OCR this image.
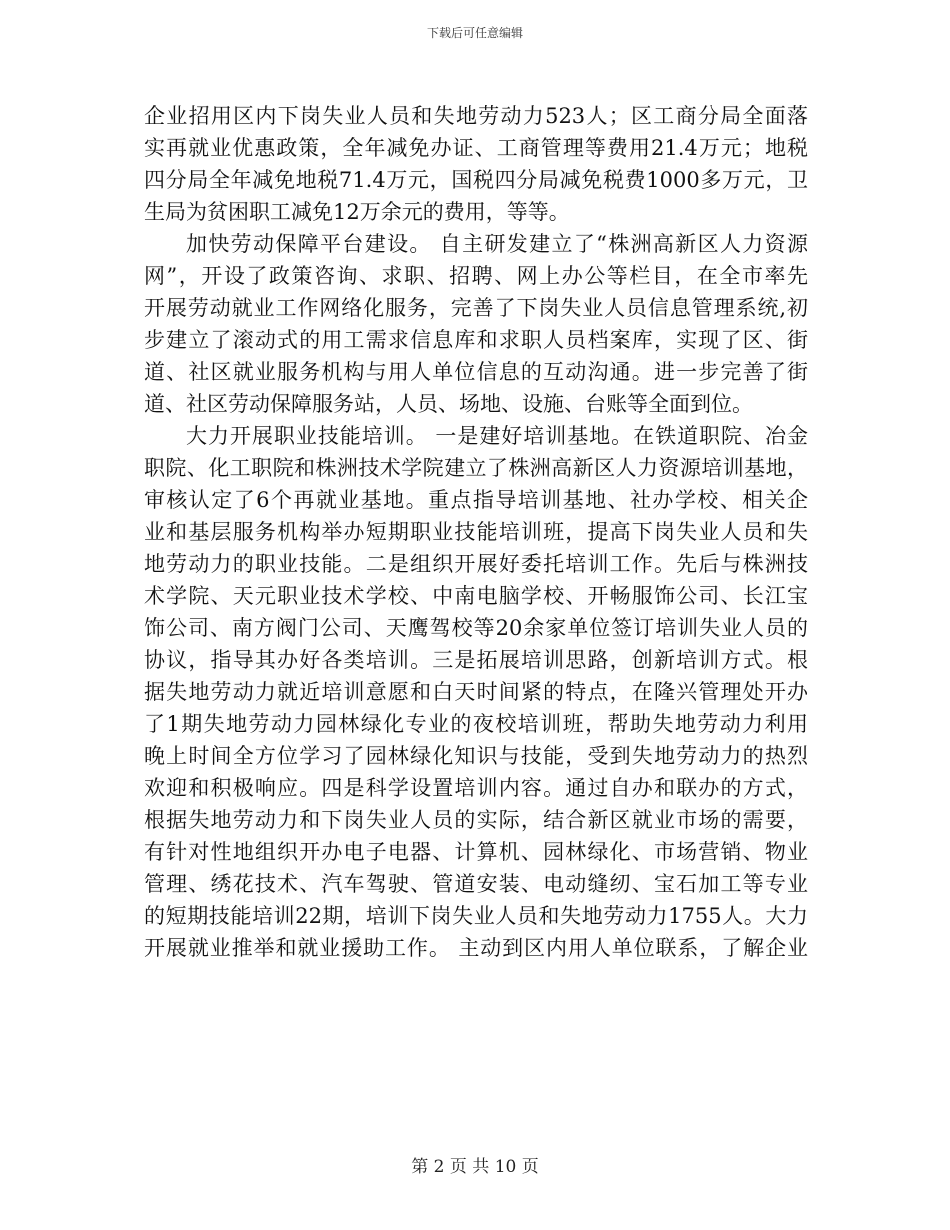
下载后可任意编辑
企业招用区内下岗失业人员和失地劳动力523人；区工商分局全面落
实再就业优惠政策，全年减免办证、工商管理等费用21.4万元；地税
四分局全年减免地税71.4万元，国税四分局减免税费1000多万元，卫
生局为贫困职工减免12万余元的费用，等等。
加快劳动保障平台建设。 自主研发建立了“株洲高新区人力资源
网”，开设了政策咨询、求职、招聘、网上办公等栏目，在全市率先
开展劳动就业工作网络化服务，完善了下岗失业人员信息管理系统,初
步建立了滚动式的用工需求信息库和求职人员档案库，实现了区、街
道、社区就业服务机构与用人单位信息的互动沟通。进一步完善了街
道、社区劳动保障服务站，人员、场地、设施、台账等全面到位。
大力开展职业技能培训。 一是建好培训基地。在铁道职院、冶金
职院、化工职院和株洲技术学院建立了株洲高新区人力资源培训基地，
审核认定了6个再就业基地。重点指导培训基地、社办学校、相关企
业和基层服务机构举办短期职业技能培训班，提高下岗失业人员和失
地劳动力的职业技能。二是组织开展好委托培训工作。先后与株洲技
术学院、天元职业技术学校、中南电脑学校、开畅服饰公司、长江宝
饰公司、南方阀门公司、天鹰驾校等20余家单位签订培训失业人员的
协议，指导其办好各类培训。三是拓展培训思路，创新培训方式。根
据失地劳动力就近培训意愿和白天时间紧的特点，在隆兴管理处开办
了1期失地劳动力园林绿化专业的夜校培训班，帮助失地劳动力利用
晚上时间全方位学习了园林绿化知识与技能，受到失地劳动力的热烈
欢迎和积极响应。四是科学设置培训内容。通过自办和联办的方式，
根据失地劳动力和下岗失业人员的实际，结合新区就业市场的需要，
有针对性地组织开办电子电器、计算机、园林绿化、市场营销、物业
管理、绣花技术、汽车驾驶、管道安装、电动缝纫、宝石加工等专业
的短期技能培训22期，培训下岗失业人员和失地劳动力1755人。大力
开展就业推举和就业援助工作。 主动到区内用人单位联系，了解企业
第 2 页 共 10 页
